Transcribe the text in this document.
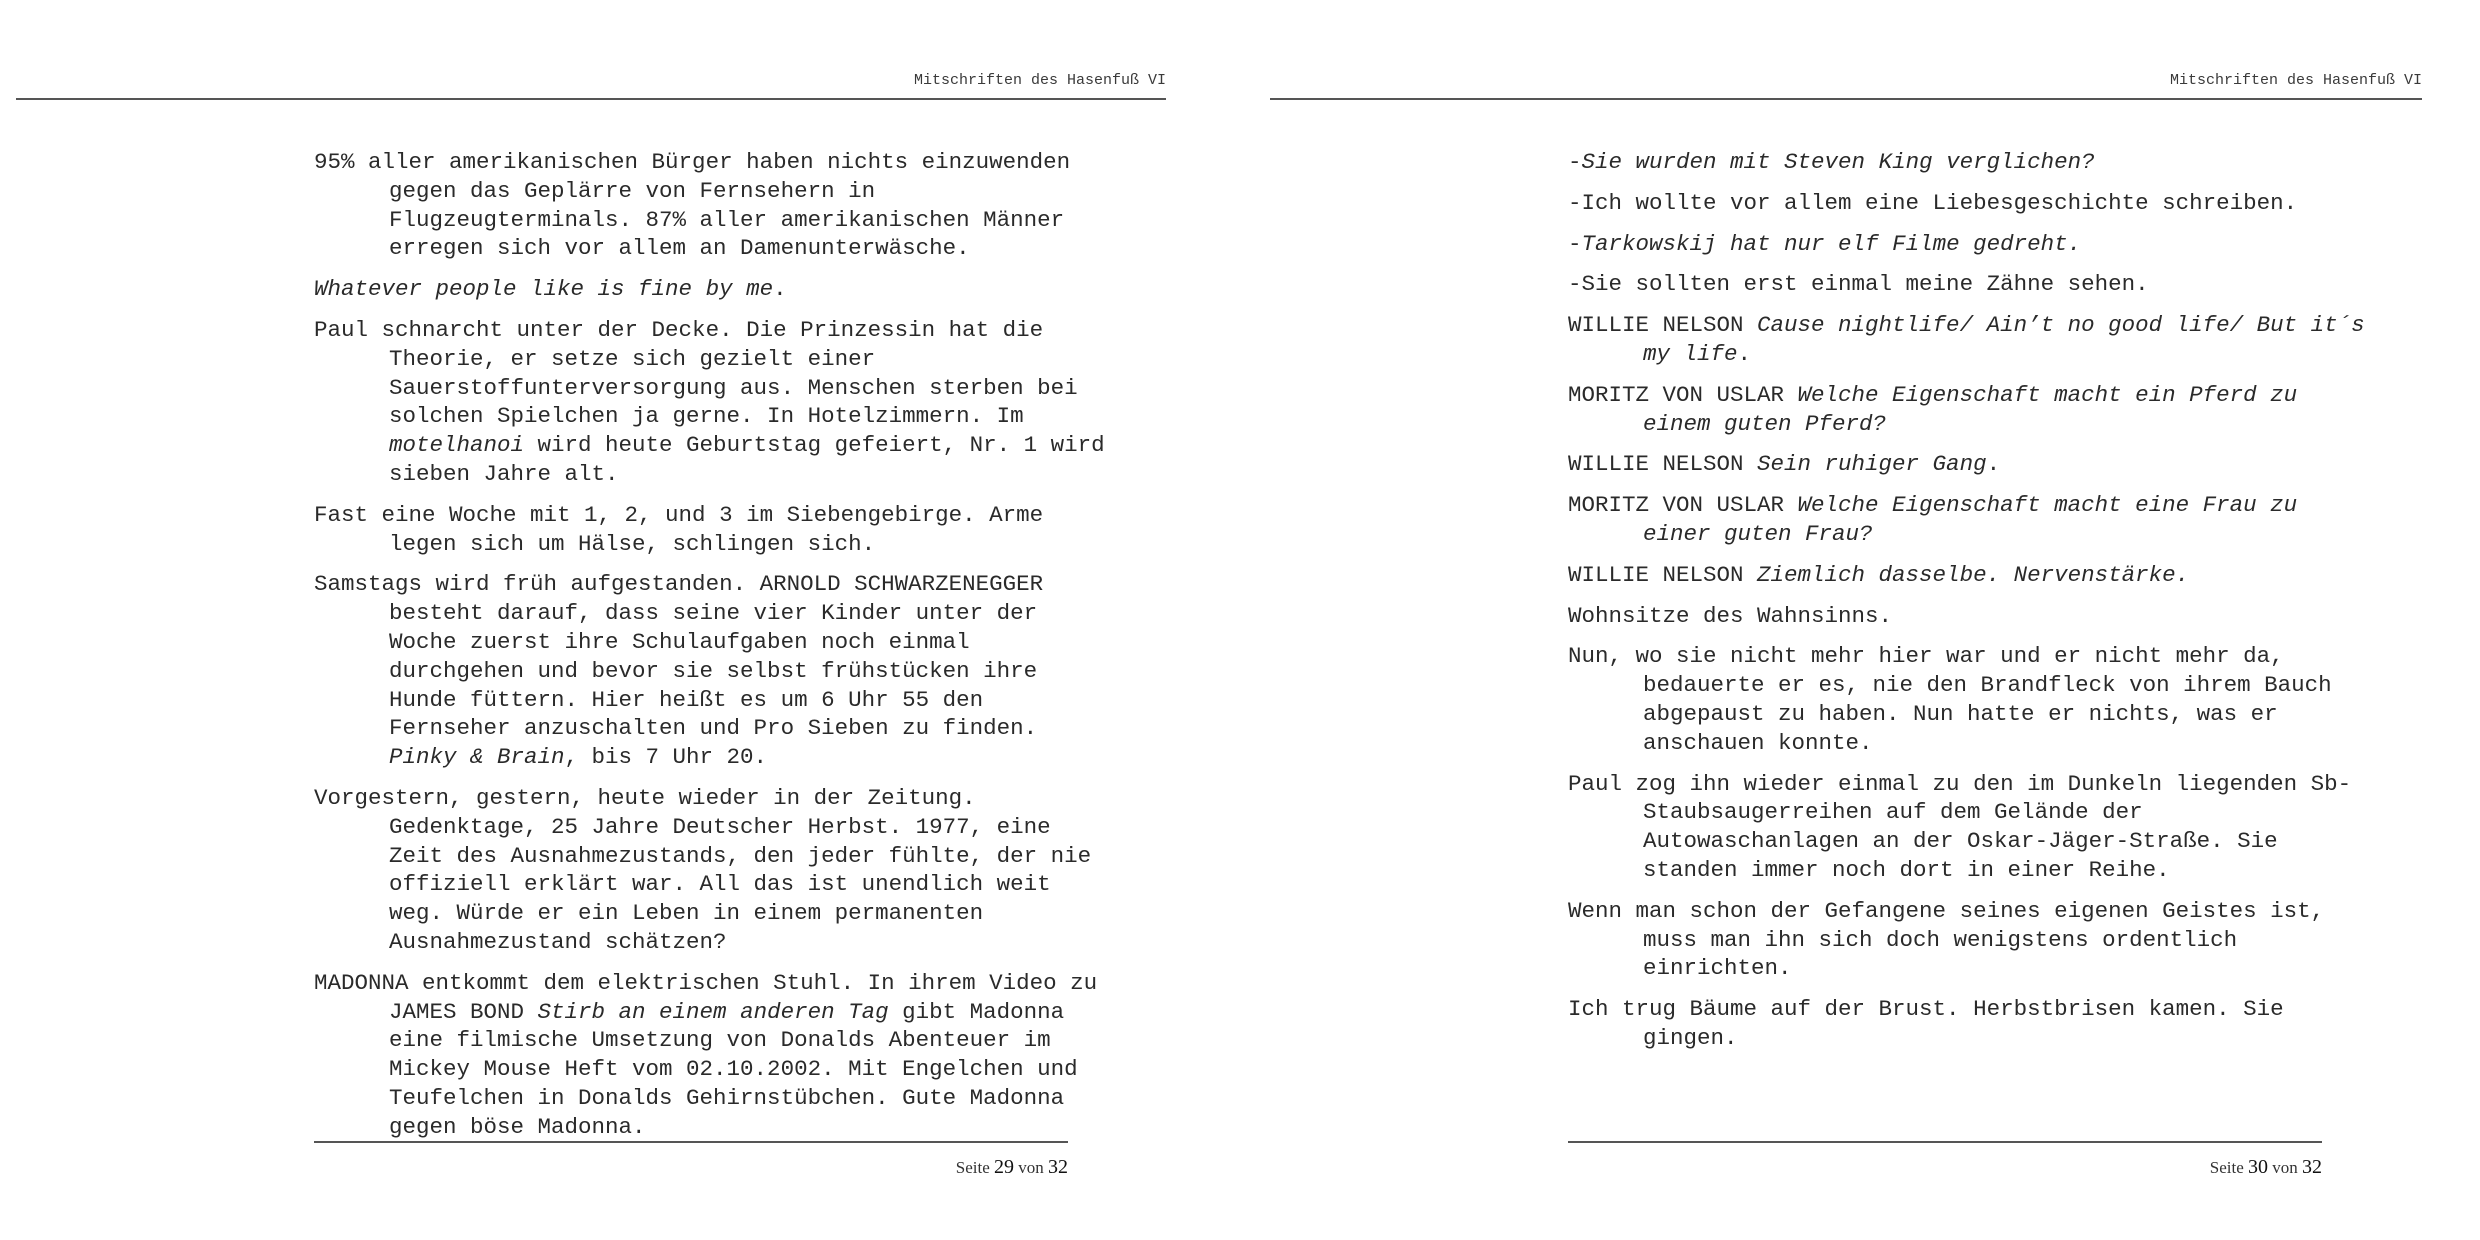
Mitschriften des Hasenfuß VI

95% aller amerikanischen Bürger haben nichts einzuwenden gegen das Geplärre von Fernsehern in Flugzeugterminals. 87% aller amerikanischen Männer erregen sich vor allem an Damenunterwäsche.

Whatever people like is fine by me.

Paul schnarcht unter der Decke. Die Prinzessin hat die Theorie, er setze sich gezielt einer Sauerstoffunterversorgung aus. Menschen sterben bei solchen Spielchen ja gerne. In Hotelzimmern. Im motelhanoi wird heute Geburtstag gefeiert, Nr. 1 wird sieben Jahre alt.

Fast eine Woche mit 1, 2, und 3 im Siebengebirge. Arme legen sich um Hälse, schlingen sich.

Samstags wird früh aufgestanden. ARNOLD SCHWARZENEGGER besteht darauf, dass seine vier Kinder unter der Woche zuerst ihre Schulaufgaben noch einmal durchgehen und bevor sie selbst frühstücken ihre Hunde füttern. Hier heißt es um 6 Uhr 55 den Fernseher anzuschalten und Pro Sieben zu finden. Pinky & Brain, bis 7 Uhr 20.

Vorgestern, gestern, heute wieder in der Zeitung. Gedenktage, 25 Jahre Deutscher Herbst. 1977, eine Zeit des Ausnahmezustands, den jeder fühlte, der nie offiziell erklärt war. All das ist unendlich weit weg. Würde er ein Leben in einem permanenten Ausnahmezustand schätzen?

MADONNA entkommt dem elektrischen Stuhl. In ihrem Video zu JAMES BOND Stirb an einem anderen Tag gibt Madonna eine filmische Umsetzung von Donalds Abenteuer im Mickey Mouse Heft vom 02.10.2002. Mit Engelchen und Teufelchen in Donalds Gehirnstübchen. Gute Madonna gegen böse Madonna.

Seite 29 von 32
Mitschriften des Hasenfuß VI

-Sie wurden mit Steven King verglichen?

-Ich wollte vor allem eine Liebesgeschichte schreiben.

-Tarkowskij hat nur elf Filme gedreht.

-Sie sollten erst einmal meine Zähne sehen.

WILLIE NELSON Cause nightlife/ Ain’t no good life/ But it´s my life.

MORITZ VON USLAR Welche Eigenschaft macht ein Pferd zu einem guten Pferd?

WILLIE NELSON Sein ruhiger Gang.

MORITZ VON USLAR Welche Eigenschaft macht eine Frau zu einer guten Frau?

WILLIE NELSON Ziemlich dasselbe. Nervenstärke.

Wohnsitze des Wahnsinns.

Nun, wo sie nicht mehr hier war und er nicht mehr da, bedauerte er es, nie den Brandfleck von ihrem Bauch abgepaust zu haben. Nun hatte er nichts, was er anschauen konnte.

Paul zog ihn wieder einmal zu den im Dunkeln liegenden Sb-Staubsaugerreihen auf dem Gelände der Autowaschanlagen an der Oskar-Jäger-Straße. Sie standen immer noch dort in einer Reihe.

Wenn man schon der Gefangene seines eigenen Geistes ist, muss man ihn sich doch wenigstens ordentlich einrichten.

Ich trug Bäume auf der Brust. Herbstbrisen kamen. Sie gingen.

Seite 30 von 32
